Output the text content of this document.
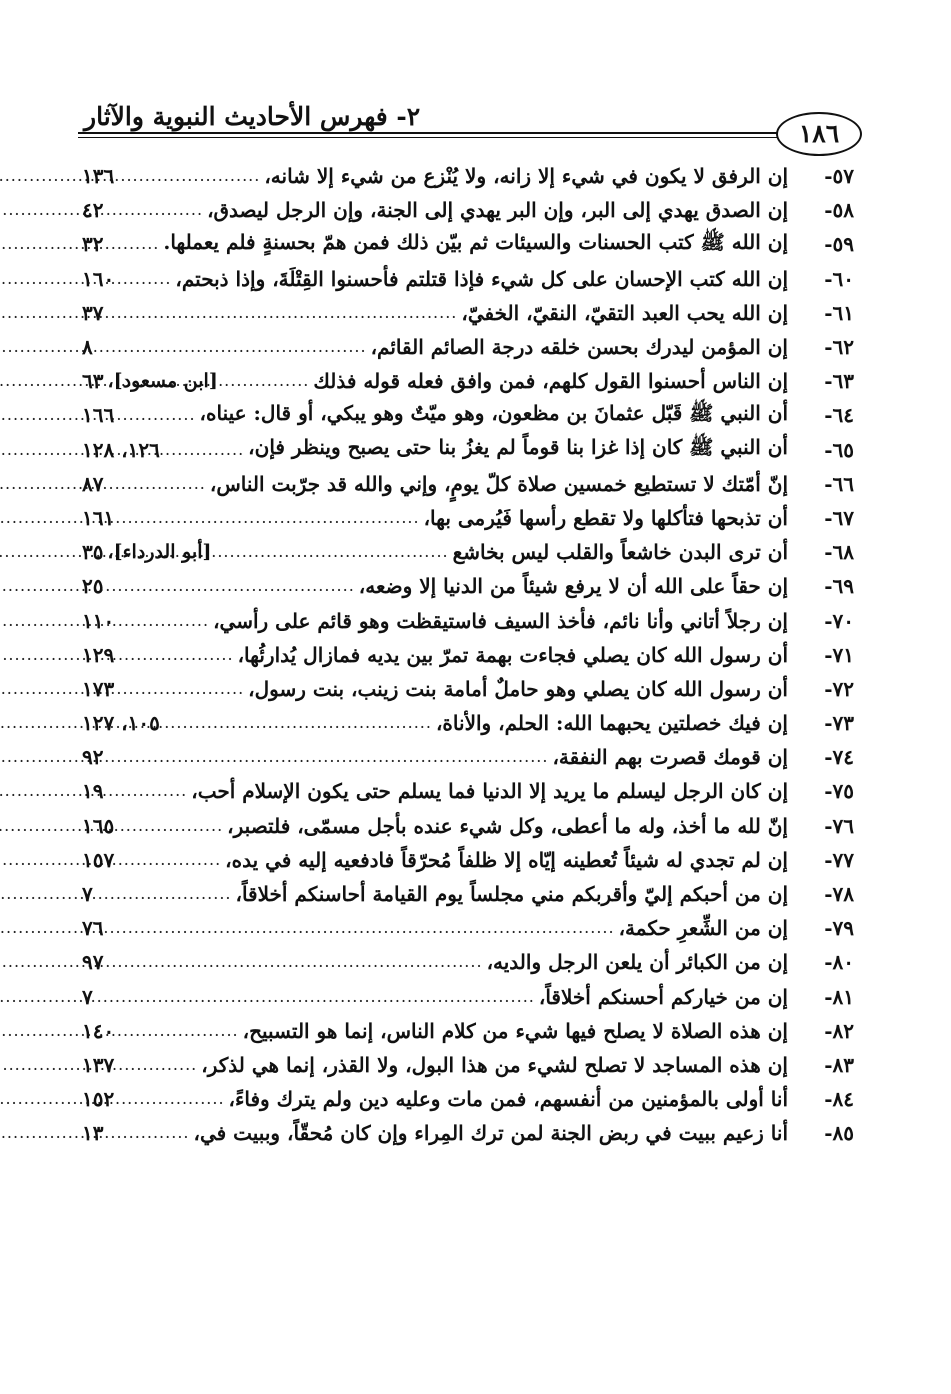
٢- فهرس الأحاديث النبوية والآثار
١٨٦
٥٧-
إن الرفق لا يكون في شيء إلا زانه، ولا يُنْزع من شيء إلا شانه،
.....
١٣٦
٥٨-
إن الصدق يهدي إلى البر، وإن البر يهدي إلى الجنة، وإن الرجل ليصدق،
.....
٤٢
٥٩-
إن الله ﷺ كتب الحسنات والسيئات ثم بيّن ذلك فمن همّ بحسنةٍ فلم يعملها.
.....
٣٢
٦٠-
إن الله كتب الإحسان على كل شيء فإذا قتلتم فأحسنوا القِتْلَةَ، وإذا ذبحتم،
.....
١٦٠
٦١-
إن الله يحب العبد التقيّ، النقيّ، الخفيّ،
.....
٣٧
٦٢-
إن المؤمن ليدرك بحسن خلقه درجة الصائم القائم،
.....
٨
٦٣-
إن الناس أحسنوا القول كلهم، فمن وافق فعله قوله فذلك
.....
[ابن مسعود]،
٦٣
٦٤-
أن النبي ﷺ قَبّل عثمانَ بن مظعون، وهو ميّتٌ وهو يبكي، أو قال: عيناه،
.....
١٦٦
٦٥-
أن النبي ﷺ كان إذا غزا بنا قوماً لم يغزُ بنا حتى يصبح وينظر فإن،
.....
١٢٦، ١٢٨
٦٦-
إنّ أمّتك لا تستطيع خمسين صلاة كلّ يومٍ، وإني والله قد جرّبت الناس،
.....
٨٧
٦٧-
أن تذبحها فتأكلها ولا تقطع رأسها فَيُرمى بها،
.....
١٦١
٦٨-
أن ترى البدن خاشعاً والقلب ليس بخاشع
.....
[أبو الدرداء]،
٣٥
٦٩-
إن حقاً على الله أن لا يرفع شيئاً من الدنيا إلا وضعه،
.....
٢٥
٧٠-
إن رجلاً أتاني وأنا نائم، فأخذ السيف فاستيقظت وهو قائم على رأسي،
.....
١١٠
٧١-
أن رسول الله كان يصلي فجاءت بهمة تمرّ بين يديه فمازال يُدارئُها،
.....
١٢٩
٧٢-
أن رسول الله كان يصلي وهو حاملٌ أمامة بنت زينب، بنت رسول،
.....
١٧٣
٧٣-
إن فيك خصلتين يحبهما الله: الحلم، والأناة،
.....
١٠٥، ١٢٧
٧٤-
إن قومك قصرت بهم النفقة،
.....
٩٢
٧٥-
إن كان الرجل ليسلم ما يريد إلا الدنيا فما يسلم حتى يكون الإسلام أحب،
.....
١٩
٧٦-
إنّ لله ما أخذ، وله ما أعطى، وكل شيء عنده بأجل مسمّى، فلتصبر،
.....
١٦٥
٧٧-
إن لم تجدي له شيئاً تُعطينه إيّاه إلا ظلفاً مُحرّقاً فادفعيه إليه في يده،
.....
١٥٧
٧٨-
إن من أحبكم إليّ وأقربكم مني مجلساً يوم القيامة أحاسنكم أخلاقاً،
.....
٧
٧٩-
إن من الشِّعرِ حكمة،
.....
٧٦
٨٠-
إن من الكبائر أن يلعن الرجل والديه،
.....
٩٧
٨١-
إن من خياركم أحسنكم أخلاقاً،
.....
٧
٨٢-
إن هذه الصلاة لا يصلح فيها شيء من كلام الناس، إنما هو التسبيح،
.....
١٤٠
٨٣-
إن هذه المساجد لا تصلح لشيء من هذا البول، ولا القذر، إنما هي لذكر،
.....
١٣٧
٨٤-
أنا أولى بالمؤمنين من أنفسهم، فمن مات وعليه دين ولم يترك وفاءً،
.....
١٥٢
٨٥-
أنا زعيم ببيت في ربض الجنة لمن ترك المِراء وإن كان مُحقّاً، وببيت في،
.....
١٣
